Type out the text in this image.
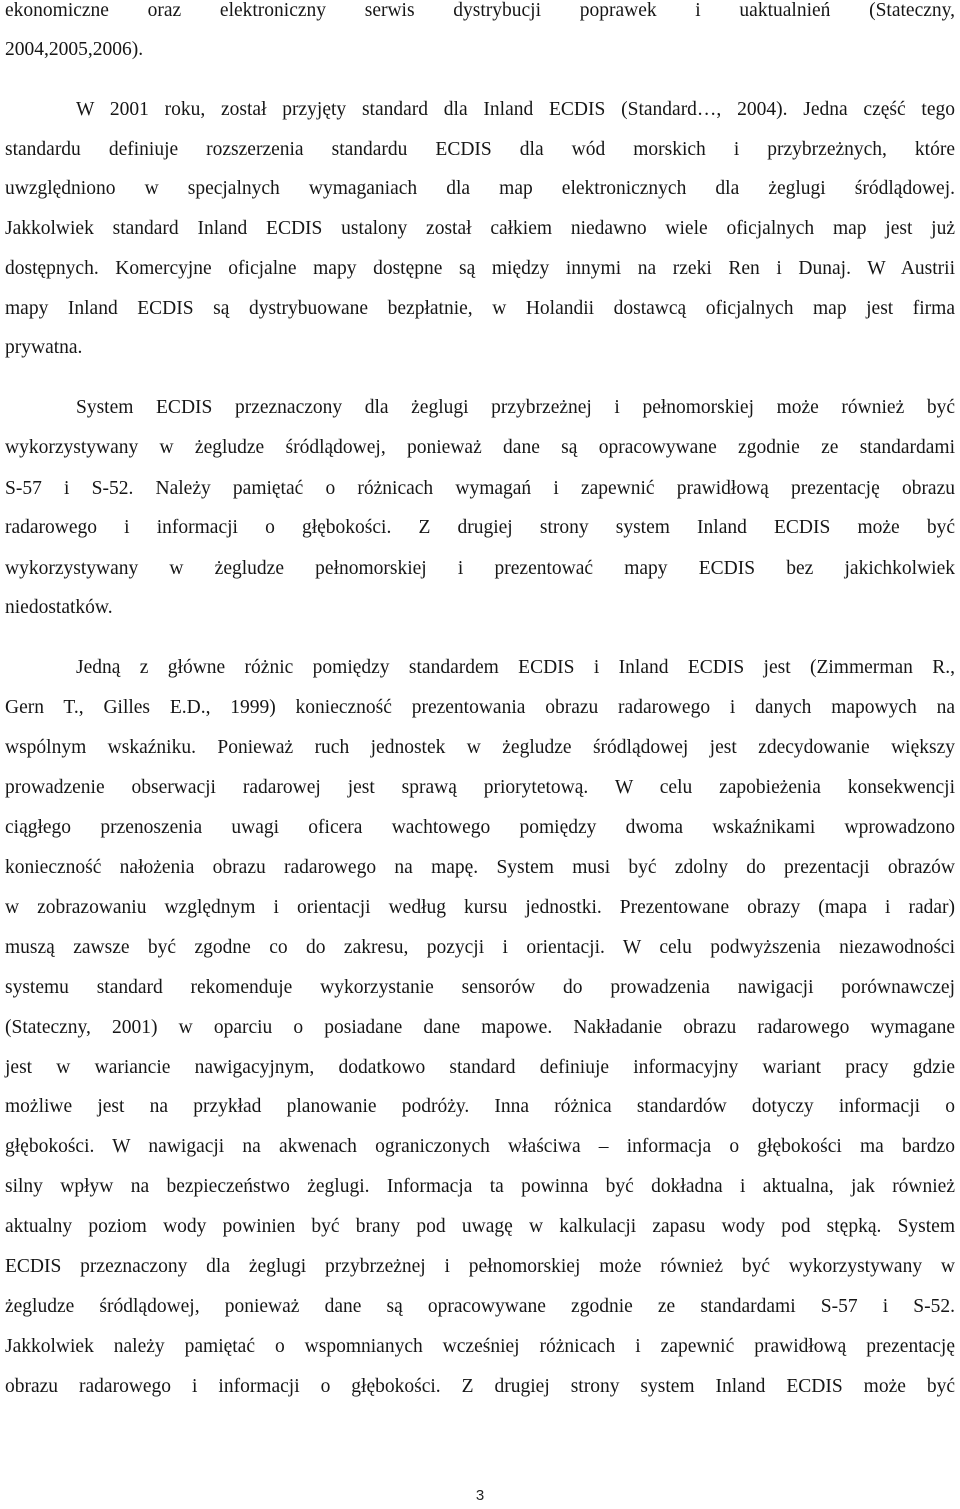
ekonomiczne oraz elektroniczny serwis dystrybucji poprawek i uaktualnień (Stateczny,
2004,2005,2006).
W 2001 roku, został przyjęty standard dla Inland ECDIS (Standard…, 2004). Jedna część tego
standardu definiuje rozszerzenia standardu ECDIS dla wód morskich i przybrzeżnych, które
uwzględniono w specjalnych wymaganiach dla map elektronicznych dla żeglugi śródlądowej.
Jakkolwiek standard Inland ECDIS ustalony został całkiem niedawno wiele oficjalnych map jest już
dostępnych. Komercyjne oficjalne mapy dostępne są między innymi na rzeki Ren i Dunaj. W Austrii
mapy Inland ECDIS są dystrybuowane bezpłatnie, w Holandii dostawcą oficjalnych map jest firma
prywatna.
System ECDIS przeznaczony dla żeglugi przybrzeżnej i pełnomorskiej może również być
wykorzystywany w żegludze śródlądowej, ponieważ dane są opracowywane zgodnie ze standardami
S-57 i S-52. Należy pamiętać o różnicach wymagań i zapewnić prawidłową prezentację obrazu
radarowego i informacji o głębokości. Z drugiej strony system Inland ECDIS może być
wykorzystywany w żegludze pełnomorskiej i prezentować mapy ECDIS bez jakichkolwiek
niedostatków.
Jedną z główne różnic pomiędzy standardem ECDIS i Inland ECDIS jest (Zimmerman R.,
Gern T., Gilles E.D., 1999) konieczność prezentowania obrazu radarowego i danych mapowych na
wspólnym wskaźniku. Ponieważ ruch jednostek w żegludze śródlądowej jest zdecydowanie większy
prowadzenie obserwacji radarowej jest sprawą priorytetową. W celu zapobieżenia konsekwencji
ciągłego przenoszenia uwagi oficera wachtowego pomiędzy dwoma wskaźnikami wprowadzono
konieczność nałożenia obrazu radarowego na mapę. System musi być zdolny do prezentacji obrazów
w zobrazowaniu względnym i orientacji według kursu jednostki. Prezentowane obrazy (mapa i radar)
muszą zawsze być zgodne co do zakresu, pozycji i orientacji. W celu podwyższenia niezawodności
systemu standard rekomenduje wykorzystanie sensorów do prowadzenia nawigacji porównawczej
(Stateczny, 2001) w oparciu o posiadane dane mapowe. Nakładanie obrazu radarowego wymagane
jest w wariancie nawigacyjnym, dodatkowo standard definiuje informacyjny wariant pracy gdzie
możliwe jest na przykład planowanie podróży. Inna różnica standardów dotyczy informacji o
głębokości. W nawigacji na akwenach ograniczonych właściwa – informacja o głębokości ma bardzo
silny wpływ na bezpieczeństwo żeglugi. Informacja ta powinna być dokładna i aktualna, jak również
aktualny poziom wody powinien być brany pod uwagę w kalkulacji zapasu wody pod stępką. System
ECDIS przeznaczony dla żeglugi przybrzeżnej i pełnomorskiej może również być wykorzystywany w
żegludze śródlądowej, ponieważ dane są opracowywane zgodnie ze standardami S-57 i S-52.
Jakkolwiek należy pamiętać o wspomnianych wcześniej różnicach i zapewnić prawidłową prezentację
obrazu radarowego i informacji o głębokości. Z drugiej strony system Inland ECDIS może być
3
